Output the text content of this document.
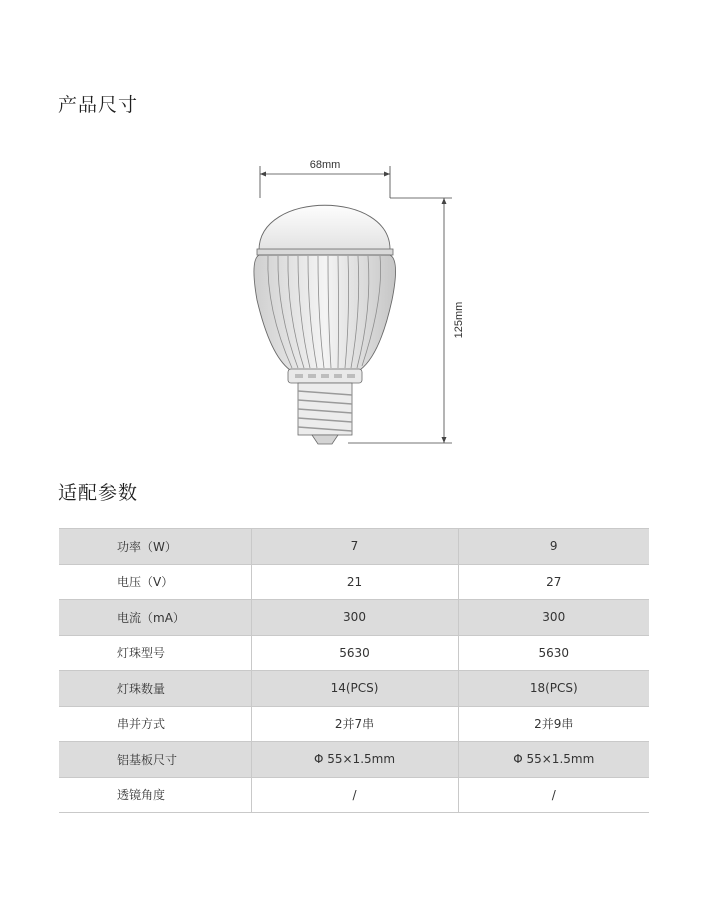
产品尺寸
68mm
125mm
适配参数
功率（W）	7	9
电压（V）	21	27
电流（mA）	300	300
灯珠型号	5630	5630
灯珠数量	14(PCS)	18(PCS)
串并方式	2并7串	2并9串
铝基板尺寸	Φ 55×1.5mm	Φ 55×1.5mm
透镜角度	/	/
